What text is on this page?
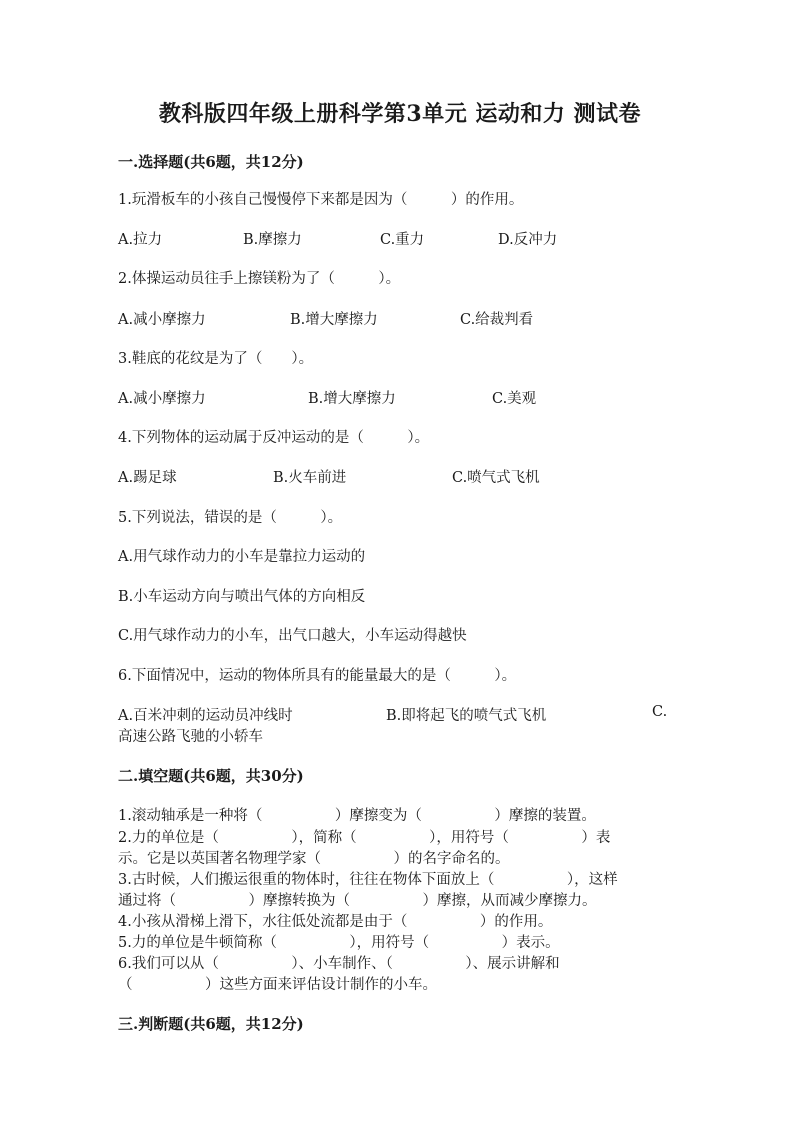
教科版四年级上册科学第3单元 运动和力 测试卷
一.选择题(共6题，共12分)
1.玩滑板车的小孩自己慢慢停下来都是因为（　　　）的作用。
A.拉力	B.摩擦力	C.重力	D.反冲力
2.体操运动员往手上擦镁粉为了（　　　）。
A.减小摩擦力	B.增大摩擦力	C.给裁判看
3.鞋底的花纹是为了（　　）。
A.减小摩擦力	B.增大摩擦力	C.美观
4.下列物体的运动属于反冲运动的是（　　　）。
A.踢足球	B.火车前进	C.喷气式飞机
5.下列说法，错误的是（　　　）。
A.用气球作动力的小车是靠拉力运动的
B.小车运动方向与喷出气体的方向相反
C.用气球作动力的小车，出气口越大，小车运动得越快
6.下面情况中，运动的物体所具有的能量最大的是（　　　）。
A.百米冲刺的运动员冲线时	B.即将起飞的喷气式飞机	C.
高速公路飞驰的小轿车
二.填空题(共6题，共30分)
1.滚动轴承是一种将（　　　　　）摩擦变为（　　　　　）摩擦的装置。
2.力的单位是（　　　　　），简称（　　　　　），用符号（　　　　　）表
示。它是以英国著名物理学家（　　　　　）的名字命名的。
3.古时候，人们搬运很重的物体时，往往在物体下面放上（　　　　　），这样
通过将（　　　　　）摩擦转换为（　　　　　）摩擦，从而减少摩擦力。
4.小孩从滑梯上滑下，水往低处流都是由于（　　　　　）的作用。
5.力的单位是牛顿简称（　　　　　），用符号（　　　　　）表示。
6.我们可以从（　　　　　）、小车制作、（　　　　　）、展示讲解和
（　　　　　）这些方面来评估设计制作的小车。
三.判断题(共6题，共12分)
